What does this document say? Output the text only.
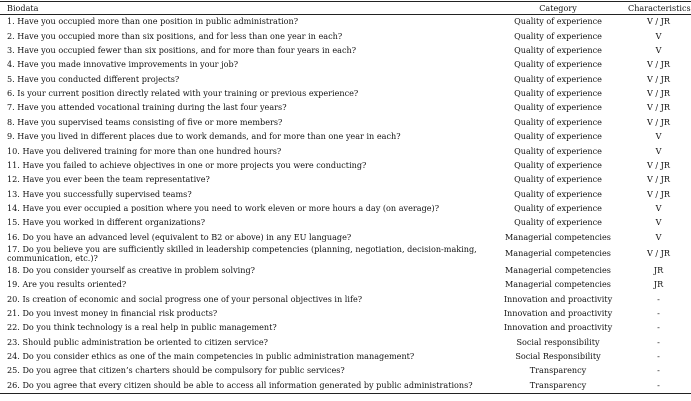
Biodata	Category	Characteristics
1. Have you occupied more than one position in public administration?	Quality of experience	V / JR
2. Have you occupied more than six positions, and for less than one year in each?	Quality of experience	V
3. Have you occupied fewer than six positions, and for more than four years in each?	Quality of experience	V
4. Have you made innovative improvements in your job?	Quality of experience	V / JR
5. Have you conducted different projects?	Quality of experience	V / JR
6. Is your current position directly related with your training or previous experience?	Quality of experience	V / JR
7. Have you attended vocational training during the last four years?	Quality of experience	V / JR
8. Have you supervised teams consisting of five or more members?	Quality of experience	V / JR
9. Have you lived in different places due to work demands, and for more than one year in each?	Quality of experience	V
10. Have you delivered training for more than one hundred hours?	Quality of experience	V
11. Have you failed to achieve objectives in one or more projects you were conducting?	Quality of experience	V / JR
12. Have you ever been the team representative?	Quality of experience	V / JR
13. Have you successfully supervised teams?	Quality of experience	V / JR
14. Have you ever occupied a position where you need to work eleven or more hours a day (on average)?	Quality of experience	V
15. Have you worked in different organizations?	Quality of experience	V
16. Do you have an advanced level (equivalent to B2 or above) in any EU language?	Managerial competencies	V
17. Do you believe you are sufficiently skilled in leadership competencies (planning, negotiation, decision-making, communication, etc.)?	Managerial competencies	V / JR
18. Do you consider yourself as creative in problem solving?	Managerial competencies	JR
19. Are you results oriented?	Managerial competencies	JR
20. Is creation of economic and social progress one of your personal objectives in life?	Innovation and proactivity	-
21. Do you invest money in financial risk products?	Innovation and proactivity	-
22. Do you think technology is a real help in public management?	Innovation and proactivity	-
23. Should public administration be oriented to citizen service?	Social responsibility	-
24. Do you consider ethics as one of the main competencies in public administration management?	Social Responsibility	-
25. Do you agree that citizen’s charters should be compulsory for public services?	Transparency	-
26. Do you agree that every citizen should be able to access all information generated by public administrations?	Transparency	-
